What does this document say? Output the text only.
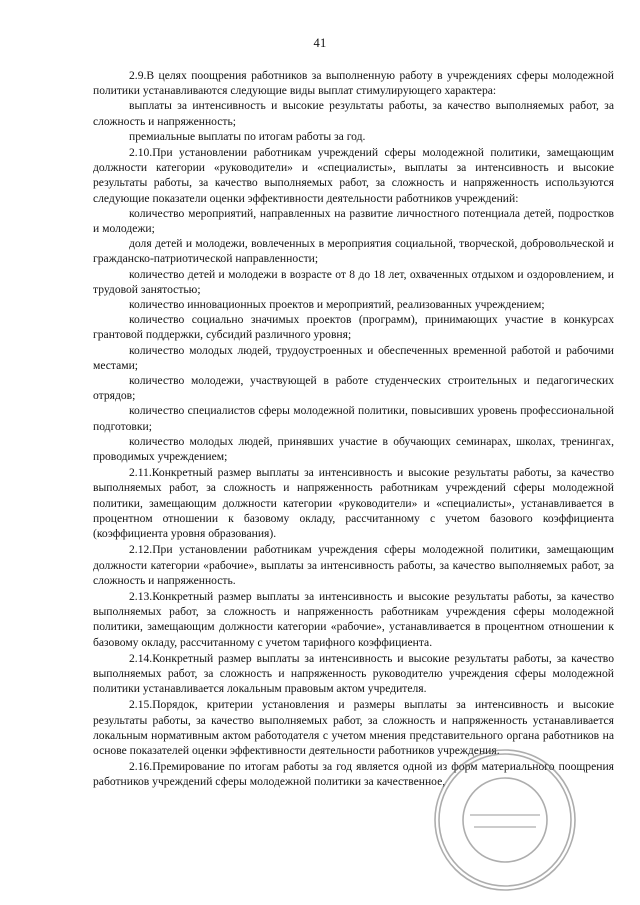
41

2.9.В целях поощрения работников за выполненную работу в учреждениях сферы молодежной политики устанавливаются следующие виды выплат стимулирующего характера:

выплаты за интенсивность и высокие результаты работы, за качество выполняемых работ, за сложность и напряженность;

премиальные выплаты по итогам работы за год.

2.10.При установлении работникам учреждений сферы молодежной политики, замещающим должности категории «руководители» и «специалисты», выплаты за интенсивность и высокие результаты работы, за качество выполняемых работ, за сложность и напряженность используются следующие показатели оценки эффективности деятельности работников учреждений:

количество мероприятий, направленных на развитие личностного потенциала детей, подростков и молодежи;

доля детей и молодежи, вовлеченных в мероприятия социальной, творческой, добровольческой и гражданско-патриотической направленности;

количество детей и молодежи в возрасте от 8 до 18 лет, охваченных отдыхом и оздоровлением, и трудовой занятостью;

количество инновационных проектов и мероприятий, реализованных учреждением;

количество социально значимых проектов (программ), принимающих участие в конкурсах грантовой поддержки, субсидий различного уровня;

количество молодых людей, трудоустроенных и обеспеченных временной работой и рабочими местами;

количество молодежи, участвующей в работе студенческих строительных и педагогических отрядов;

количество специалистов сферы молодежной политики, повысивших уровень профессиональной подготовки;

количество молодых людей, принявших участие в обучающих семинарах, школах, тренингах, проводимых учреждением;

2.11.Конкретный размер выплаты за интенсивность и высокие результаты работы, за качество выполняемых работ, за сложность и напряженность работникам учреждений сферы молодежной политики, замещающим должности категории «руководители» и «специалисты», устанавливается в процентном отношении к базовому окладу, рассчитанному с учетом базового коэффициента (коэффициента уровня образования).

2.12.При установлении работникам учреждения сферы молодежной политики, замещающим должности категории «рабочие», выплаты за интенсивность работы, за качество выполняемых работ, за сложность и напряженность.

2.13.Конкретный размер выплаты за интенсивность и высокие результаты работы, за качество выполняемых работ, за сложность и напряженность работникам учреждения сферы молодежной политики, замещающим должности категории «рабочие», устанавливается в процентном отношении к базовому окладу, рассчитанному с учетом тарифного коэффициента.

2.14.Конкретный размер выплаты за интенсивность и высокие результаты работы, за качество выполняемых работ, за сложность и напряженность руководителю учреждения сферы молодежной политики устанавливается локальным правовым актом учредителя.

2.15.Порядок, критерии установления и размеры выплаты за интенсивность и высокие результаты работы, за качество выполняемых работ, за сложность и напряженность устанавливается локальным нормативным актом работодателя с учетом мнения представительного органа работников на основе показателей оценки эффективности деятельности работников учреждения.

2.16.Премирование по итогам работы за год является одной из форм материального поощрения работников учреждений сферы молодежной политики за качественное,
